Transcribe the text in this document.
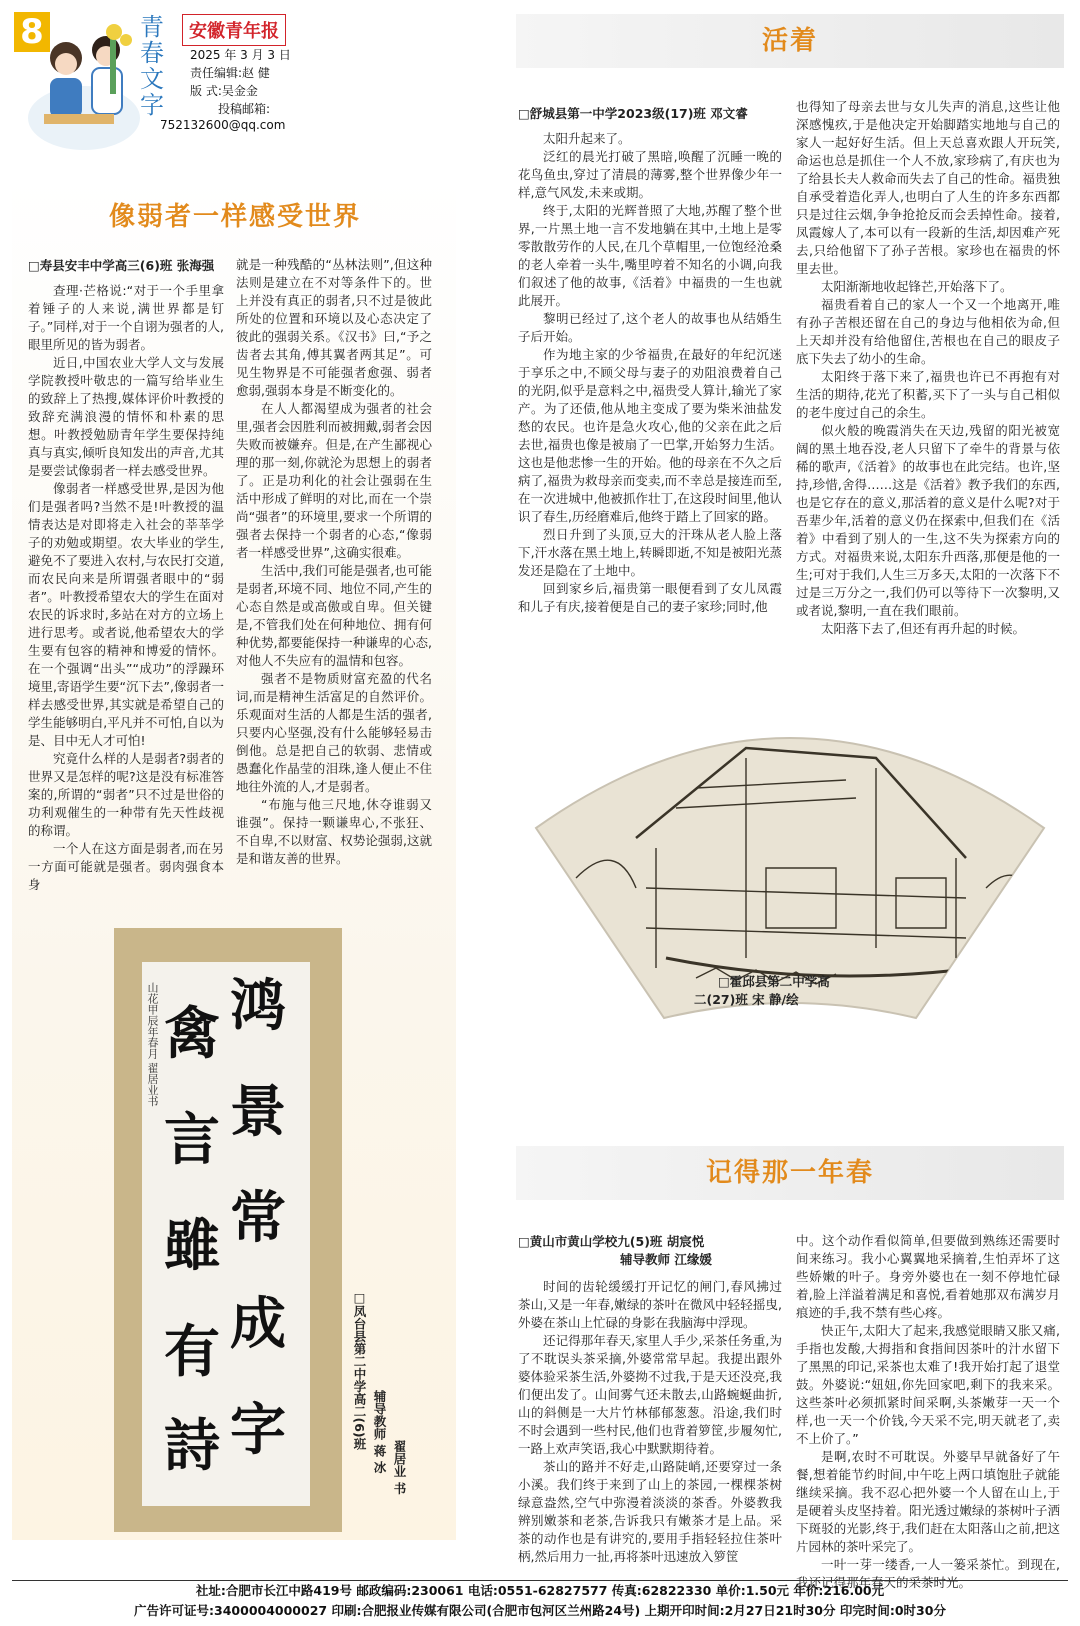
8	青春文字
安徽青年报
2025 年 3 月 3 日
责任编辑:赵 健
版 式:吴金金
投稿邮箱:
752132600@qq.com
像弱者一样感受世界
□寿县安丰中学高三(6)班 张海强

查理·芒格说:“对于一个手里拿着锤子的人来说,满世界都是钉子。”同样,对于一个自诩为强者的人,眼里所见的皆为弱者。

近日,中国农业大学人文与发展学院教授叶敬忠的一篇写给毕业生的致辞上了热搜,媒体评价叶教授的致辞充满浪漫的情怀和朴素的思想。叶教授勉励青年学生要保持纯真与真实,倾听良知发出的声音,尤其是要尝试像弱者一样去感受世界。

像弱者一样感受世界,是因为他们是强者吗?当然不是!叶教授的温情表达是对即将走入社会的莘莘学子的劝勉或期望。农大毕业的学生,避免不了要进入农村,与农民打交道,而农民向来是所谓强者眼中的“弱者”。叶教授希望农大的学生在面对农民的诉求时,多站在对方的立场上进行思考。或者说,他希望农大的学生要有包容的精神和博爱的情怀。在一个强调“出头”“成功”的浮躁环境里,寄语学生要“沉下去”,像弱者一样去感受世界,其实就是希望自己的学生能够明白,平凡并不可怕,自以为是、目中无人才可怕!

究竟什么样的人是弱者?弱者的世界又是怎样的呢?这是没有标准答案的,所谓的“弱者”只不过是世俗的功利观催生的一种带有先天性歧视的称谓。

一个人在这方面是弱者,而在另一方面可能就是强者。弱肉强食本身

就是一种残酷的“丛林法则”,但这种法则是建立在不对等条件下的。世上并没有真正的弱者,只不过是彼此所处的位置和环境以及心态决定了彼此的强弱关系。《汉书》曰,“予之齿者去其角,傅其翼者两其足”。可见生物界是不可能强者愈强、弱者愈弱,强弱本身是不断变化的。

在人人都渴望成为强者的社会里,强者会因胜利而被拥戴,弱者会因失败而被嫌弃。但是,在产生鄙视心理的那一刻,你就沦为思想上的弱者了。正是功利化的社会让强弱在生活中形成了鲜明的对比,而在一个崇尚“强者”的环境里,要求一个所谓的强者去保持一个弱者的心态,“像弱者一样感受世界”,这确实很难。

生活中,我们可能是强者,也可能是弱者,环境不同、地位不同,产生的心态自然是或高傲或自卑。但关键是,不管我们处在何种地位、拥有何种优势,都要能保持一种谦卑的心态,对他人不失应有的温情和包容。

强者不是物质财富充盈的代名词,而是精神生活富足的自然评价。乐观面对生活的人都是生活的强者,只要内心坚强,没有什么能够轻易击倒他。总是把自己的软弱、悲情或愚蠢化作晶莹的泪珠,逢人便止不住地往外流的人,才是弱者。

“布施与他三尺地,休夺谁弱又谁强”。保持一颗谦卑心,不张狂、不自卑,不以财富、权势论强弱,这就是和谐友善的世界。

鸿
景
常
成
字
禽
言
雖
有
詩
山花甲辰年春月 翟居业书
□凤台县第二中学高二(6)班 辅导教师 蒋 冰 翟居业 书
活着
□舒城县第一中学2023级(17)班 邓文睿

太阳升起来了。

泛红的晨光打破了黑暗,唤醒了沉睡一晚的花鸟鱼虫,穿过了清晨的薄雾,整个世界像少年一样,意气风发,未来或期。

终于,太阳的光辉普照了大地,苏醒了整个世界,一片黑土地一言不发地躺在其中,土地上是零零散散劳作的人民,在几个草帽里,一位饱经沧桑的老人牵着一头牛,嘴里哼着不知名的小调,向我们叙述了他的故事,《活着》中福贵的一生也就此展开。

黎明已经过了,这个老人的故事也从结婚生子后开始。

作为地主家的少爷福贵,在最好的年纪沉迷于享乐之中,不顾父母与妻子的劝阻浪费着自己的光阴,似乎是意料之中,福贵受人算计,输光了家产。为了还债,他从地主变成了要为柴米油盐发愁的农民。也许是急火攻心,他的父亲在此之后去世,福贵也像是被扇了一巴掌,开始努力生活。这也是他悲惨一生的开始。他的母亲在不久之后病了,福贵为救母亲而变卖,而不幸总是接连而至,在一次进城中,他被抓作壮丁,在这段时间里,他认识了春生,历经磨难后,他终于踏上了回家的路。

烈日升到了头顶,豆大的汗珠从老人脸上落下,汗水落在黑土地上,转瞬即逝,不知是被阳光蒸发还是隐在了土地中。

回到家乡后,福贵第一眼便看到了女儿凤霞和儿子有庆,接着便是自己的妻子家珍;同时,他

也得知了母亲去世与女儿失声的消息,这些让他深感愧疚,于是他决定开始脚踏实地地与自己的家人一起好好生活。但上天总喜欢跟人开玩笑,命运也总是抓住一个人不放,家珍病了,有庆也为了给县长夫人救命而失去了自己的性命。福贵独自承受着造化弄人,也明白了人生的许多东西都只是过往云烟,争争抢抢反而会丢掉性命。接着,凤霞嫁人了,本可以有一段新的生活,却因难产死去,只给他留下了孙子苦根。家珍也在福贵的怀里去世。

太阳渐渐地收起锋芒,开始落下了。

福贵看着自己的家人一个又一个地离开,唯有孙子苦根还留在自己的身边与他相依为命,但上天却并没有给他留住,苦根也在自己的眼皮子底下失去了幼小的生命。

太阳终于落下来了,福贵也许已不再抱有对生活的期待,花光了积蓄,买下了一头与自己相似的老牛度过自己的余生。

似火般的晚霞消失在天边,残留的阳光被宽阔的黑土地吞没,老人只留下了牵牛的背景与依稀的歌声,《活着》的故事也在此完结。也许,坚持,珍惜,舍得……这是《活着》教予我们的东西,也是它存在的意义,那活着的意义是什么呢?对于吾辈少年,活着的意义仍在探索中,但我们在《活着》中看到了别人的一生,这不失为探索方向的方式。对福贵来说,太阳东升西落,那便是他的一生;可对于我们,人生三万多天,太阳的一次落下不过是三万分之一,我们仍可以等待下一次黎明,又或者说,黎明,一直在我们眼前。

太阳落下去了,但还有再升起的时候。

□霍邱县第二中学高
二(27)班 宋 静/绘
记得那一年春
□黄山市黄山学校九(5)班 胡宸悦
辅导教师 江缘媛

时间的齿轮缓缓打开记忆的闸门,春风拂过茶山,又是一年春,嫩绿的茶叶在微风中轻轻摇曳,外婆在茶山上忙碌的身影在我脑海中浮现。

还记得那年春天,家里人手少,采茶任务重,为了不耽误头茶采摘,外婆常常早起。我提出跟外婆体验采茶生活,外婆拗不过我,于是天还没亮,我们便出发了。山间雾气还未散去,山路蜿蜒曲折,山的斜侧是一大片竹林郁郁葱葱。沿途,我们时不时会遇到一些村民,他们也背着箩筐,步履匆忙,一路上欢声笑语,我心中默默期待着。

茶山的路并不好走,山路陡峭,还要穿过一条小溪。我们终于来到了山上的茶园,一棵棵茶树绿意盎然,空气中弥漫着淡淡的茶香。外婆教我辨别嫩茶和老茶,告诉我只有嫩茶才是上品。采茶的动作也是有讲究的,要用手指轻轻拉住茶叶柄,然后用力一扯,再将茶叶迅速放入箩筐

中。这个动作看似简单,但要做到熟练还需要时间来练习。我小心翼翼地采摘着,生怕弄坏了这些娇嫩的叶子。身旁外婆也在一刻不停地忙碌着,脸上洋溢着满足和喜悦,看着她那双布满岁月痕迹的手,我不禁有些心疼。

快正午,太阳大了起来,我感觉眼睛又胀又痛,手指也发酸,大拇指和食指间因茶叶的汁水留下了黑黑的印记,采茶也太难了!我开始打起了退堂鼓。外婆说:“妞妞,你先回家吧,剩下的我来采。这些茶叶必须抓紧时间采啊,头茶嫩芽一天一个样,也一天一个价钱,今天采不完,明天就老了,卖不上价了。”

是啊,农时不可耽误。外婆早早就备好了午餐,想着能节约时间,中午吃上两口填饱肚子就能继续采摘。我不忍心把外婆一个人留在山上,于是硬着头皮坚持着。阳光透过嫩绿的茶树叶子洒下斑驳的光影,终于,我们赶在太阳落山之前,把这片园林的茶叶采完了。

一叶一芽一缕香,一人一篓采茶忙。到现在,我还记得那年春天的采茶时光。

社址:合肥市长江中路419号 邮政编码:230061 电话:0551-62827577 传真:62822330 单价:1.50元 年价:216.00元
广告许可证号:3400004000027 印刷:合肥报业传媒有限公司(合肥市包河区兰州路24号) 上期开印时间:2月27日21时30分 印完时间:0时30分
